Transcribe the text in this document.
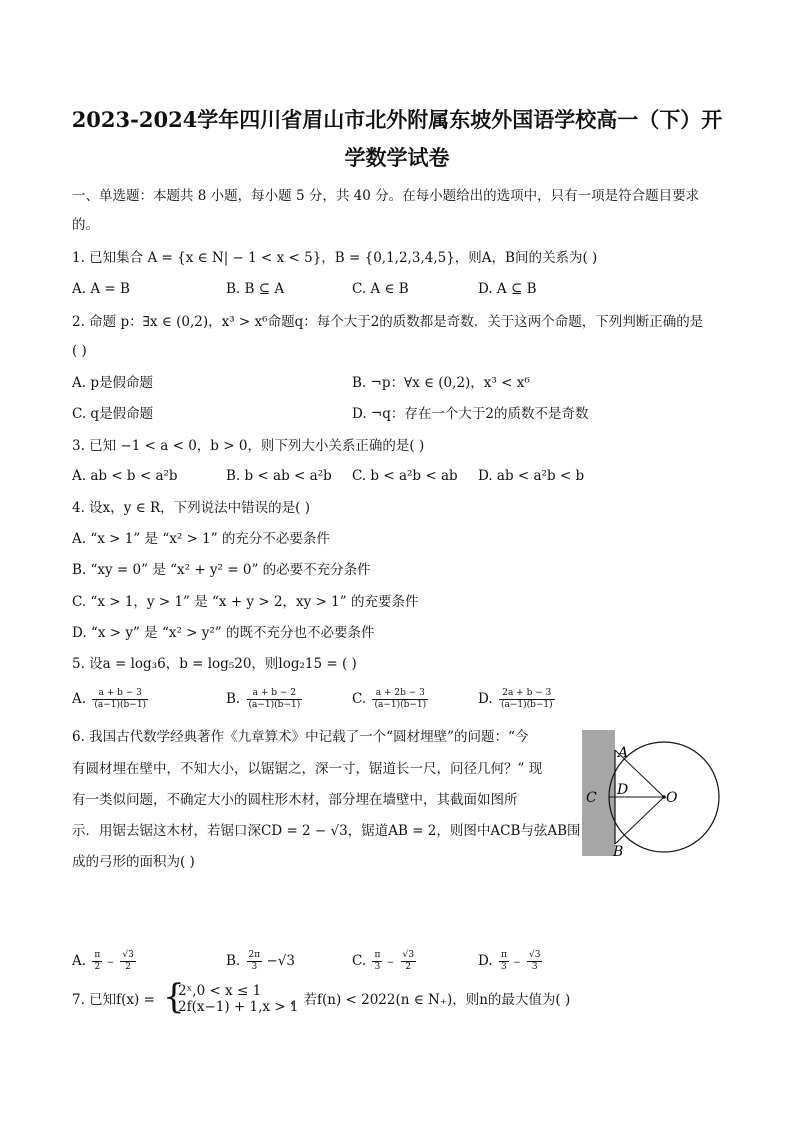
2023-2024学年四川省眉山市北外附属东坡外国语学校高一（下）开
学数学试卷
一、单选题：本题共 8 小题，每小题 5 分，共 40 分。在每小题给出的选项中，只有一项是符合题目要求
的。
1. 已知集合 A = {x ∈ N| − 1 < x < 5}，B = {0,1,2,3,4,5}，则A，B间的关系为( )
A. A = B	B. B ⊆ A	C. A ∈ B	D. A ⊆ B
2. 命题 p：∃x ∈ (0,2)，x³ > x⁶命题q：每个大于2的质数都是奇数．关于这两个命题，下列判断正确的是
( )
A. p是假命题	B. ¬p：∀x ∈ (0,2)，x³ < x⁶
C. q是假命题	D. ¬q：存在一个大于2的质数不是奇数
3. 已知 −1 < a < 0，b > 0，则下列大小关系正确的是( )
A. ab < b < a²b	B. b < ab < a²b C. b < a²b < ab D. ab < a²b < b
4. 设x，y ∈ R，下列说法中错误的是( )
A. “x > 1” 是 “x² > 1” 的充分不必要条件
B. “xy = 0” 是 “x² + y² = 0” 的必要不充分条件
C. “x > 1，y > 1” 是 “x + y > 2，xy > 1” 的充要条件
D. “x > y” 是 “x² > y²” 的既不充分也不必要条件
5. 设a = log₃6，b = log₅20，则log₂15 = ( )
A. $\frac{a + b - 3}{(a-1)(b-1)}$	B. $\frac{a + b - 2}{(a-1)(b-1)}$	C. $\frac{a + 2b - 3}{(a-1)(b-1)}$	D. $\frac{2a + b - 3}{(a-1)(b-1)}$
6. 我国古代数学经典著作《九章算术》中记载了一个“圆材埋壁”的问题：“今
有圆材埋在壁中，不知大小，以锯锯之，深一寸，锯道长一尺，问径几何？” 现
有一类似问题，不确定大小的圆柱形木材，部分埋在墙壁中，其截面如图所
示．用锯去锯这木材，若锯口深CD = 2 − √3，锯道AB = 2，则图中ACB与弦AB围
成的弓形的面积为( )
A
B
C D	O
A. $\frac{\pi}{2} - \frac{√3}{2}$	B. $\frac{2\pi}{3} -√3$	C. $\frac{\pi}{3} - \frac{√3}{2}$	D. $\frac{\pi}{3} - \frac{√3}{3}$
7. 已知f(x) = {
2ˣ,0 < x ≤ 1
2f(x−1) + 1,x > 1
，若f(n) < 2022(n ∈ N₊)，则n的最大值为( )
